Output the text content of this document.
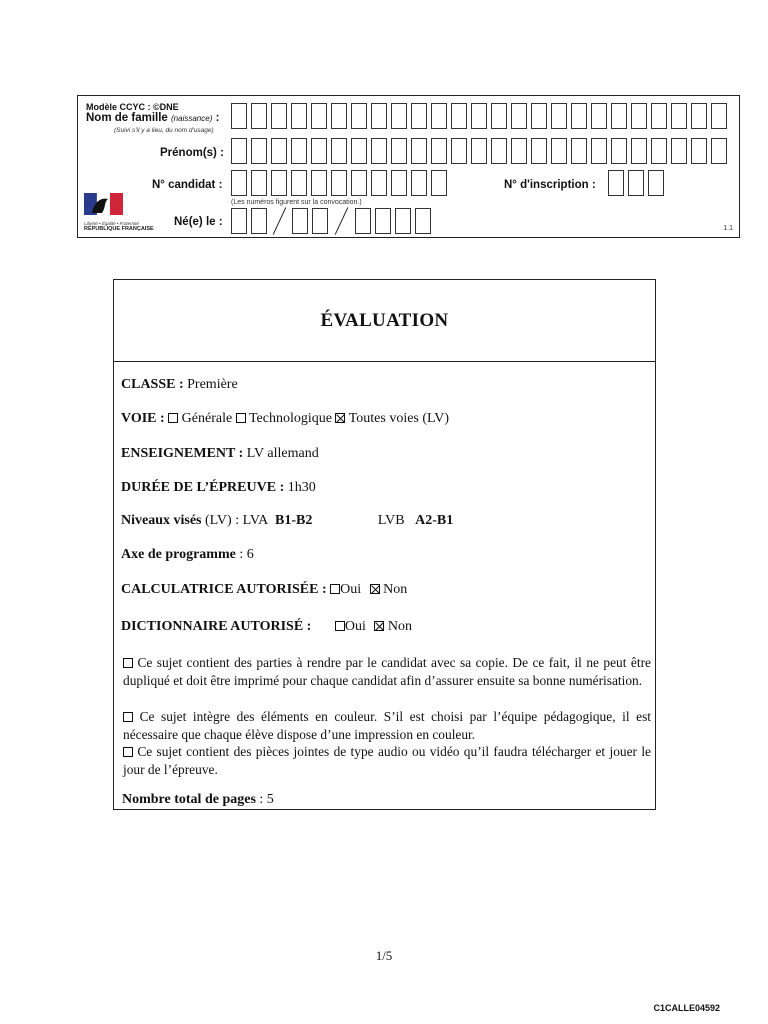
Modèle CCYC : ©DNE
Nom de famille (naissance) :
(Suivi s'il y a lieu, du nom d'usage)
Prénom(s) :
N° candidat :
(Les numéros figurent sur la convocation.)
N° d'inscription :
Liberté • Égalité • Fraternité
RÉPUBLIQUE FRANÇAISE
Né(e) le :
1.1
ÉVALUATION
CLASSE : Première
VOIE : Générale Technologique Toutes voies (LV)
ENSEIGNEMENT : LV allemand
DURÉE DE L’ÉPREUVE : 1h30
Niveaux visés (LV) : LVA B1-B2	LVB A2-B1
Axe de programme : 6
CALCULATRICE AUTORISÉE : Oui Non
DICTIONNAIRE AUTORISÉ : Oui Non
Ce sujet contient des parties à rendre par le candidat avec sa copie. De ce fait, il ne peut être dupliqué et doit être imprimé pour chaque candidat afin d’assurer ensuite sa bonne numérisation.
Ce sujet intègre des éléments en couleur. S’il est choisi par l’équipe pédagogique, il est nécessaire que chaque élève dispose d’une impression en couleur.
Ce sujet contient des pièces jointes de type audio ou vidéo qu’il faudra télécharger et jouer le jour de l’épreuve.
Nombre total de pages : 5
1/5
C1CALLE04592
